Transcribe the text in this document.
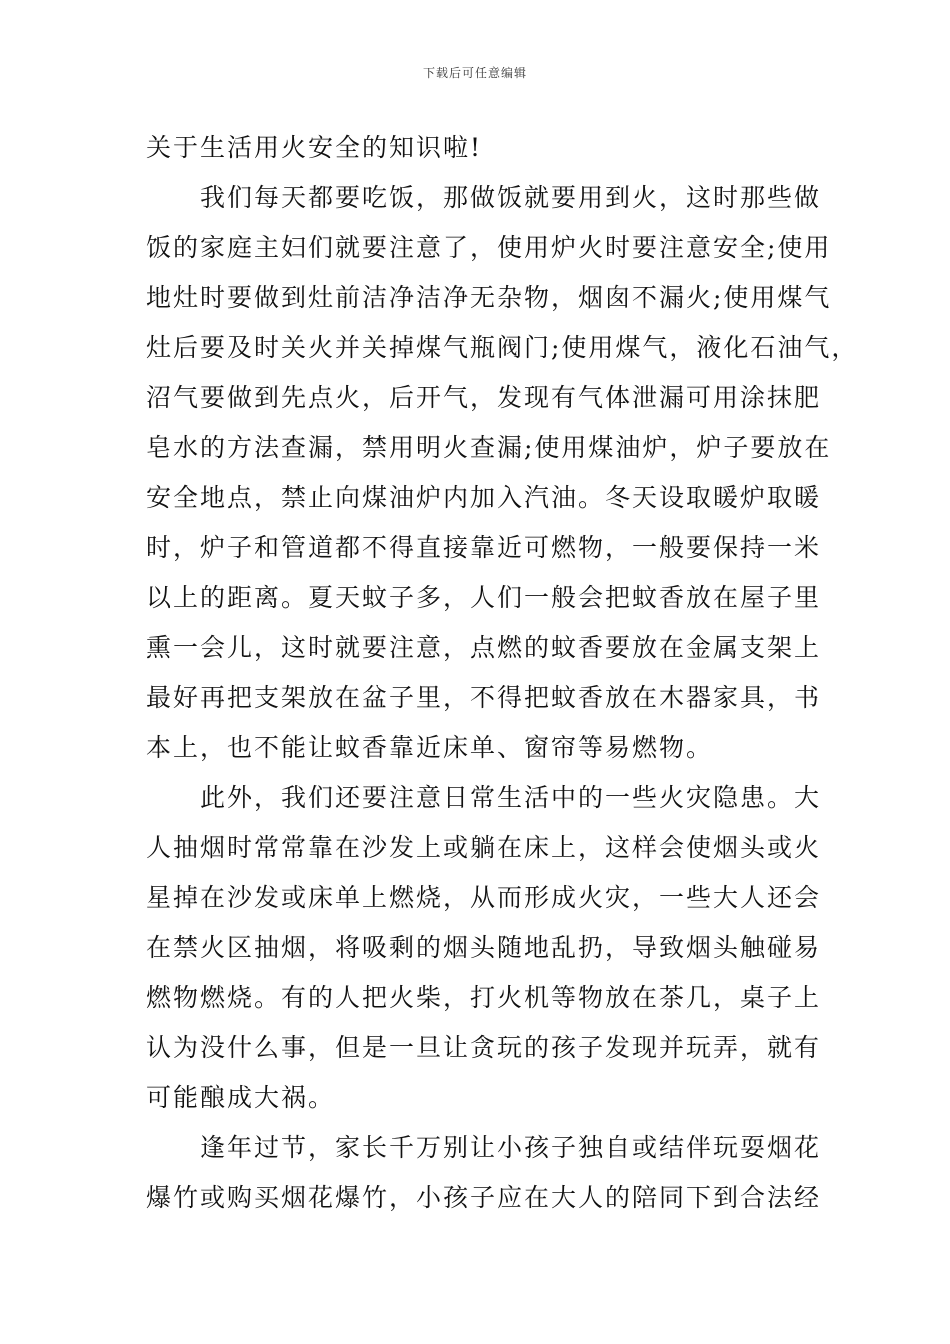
下载后可任意编辑
关于生活用火安全的知识啦!
　　我们每天都要吃饭，那做饭就要用到火，这时那些做
饭的家庭主妇们就要注意了，使用炉火时要注意安全;使用
地灶时要做到灶前洁净洁净无杂物，烟囱不漏火;使用煤气
灶后要及时关火并关掉煤气瓶阀门;使用煤气，液化石油气，
沼气要做到先点火，后开气，发现有气体泄漏可用涂抹肥
皂水的方法查漏，禁用明火查漏;使用煤油炉，炉子要放在
安全地点，禁止向煤油炉内加入汽油。冬天设取暖炉取暖
时，炉子和管道都不得直接靠近可燃物，一般要保持一米
以上的距离。夏天蚊子多，人们一般会把蚊香放在屋子里
熏一会儿，这时就要注意，点燃的蚊香要放在金属支架上
最好再把支架放在盆子里，不得把蚊香放在木器家具，书
本上，也不能让蚊香靠近床单、窗帘等易燃物。
　　此外，我们还要注意日常生活中的一些火灾隐患。大
人抽烟时常常靠在沙发上或躺在床上，这样会使烟头或火
星掉在沙发或床单上燃烧，从而形成火灾，一些大人还会
在禁火区抽烟，将吸剩的烟头随地乱扔，导致烟头触碰易
燃物燃烧。有的人把火柴，打火机等物放在茶几，桌子上
认为没什么事，但是一旦让贪玩的孩子发现并玩弄，就有
可能酿成大祸。
　　逢年过节，家长千万别让小孩子独自或结伴玩耍烟花
爆竹或购买烟花爆竹，小孩子应在大人的陪同下到合法经
